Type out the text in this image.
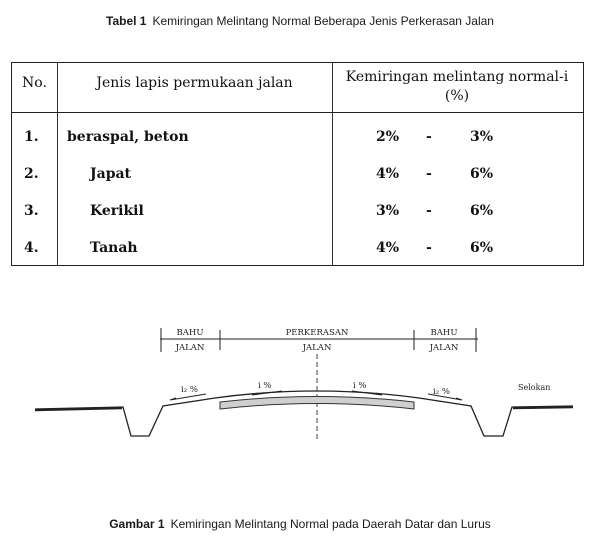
Tabel 1 Kemiringan Melintang Normal Beberapa Jenis Perkerasan Jalan
No.	Jenis lapis permukaan jalan	Kemiringan melintang normal-i
(%)
1. beraspal, beton	2% -	3%
2.	Japat	4% -	6%
3.	Kerikil	3% -	6%
4.	Tanah	4% -	6%
BAHU
JALAN
PERKERASAN
JALAN
BAHU
JALAN
i₂ %	i %	i %
i₂ %	Selokan
Gambar 1 Kemiringan Melintang Normal pada Daerah Datar dan Lurus
